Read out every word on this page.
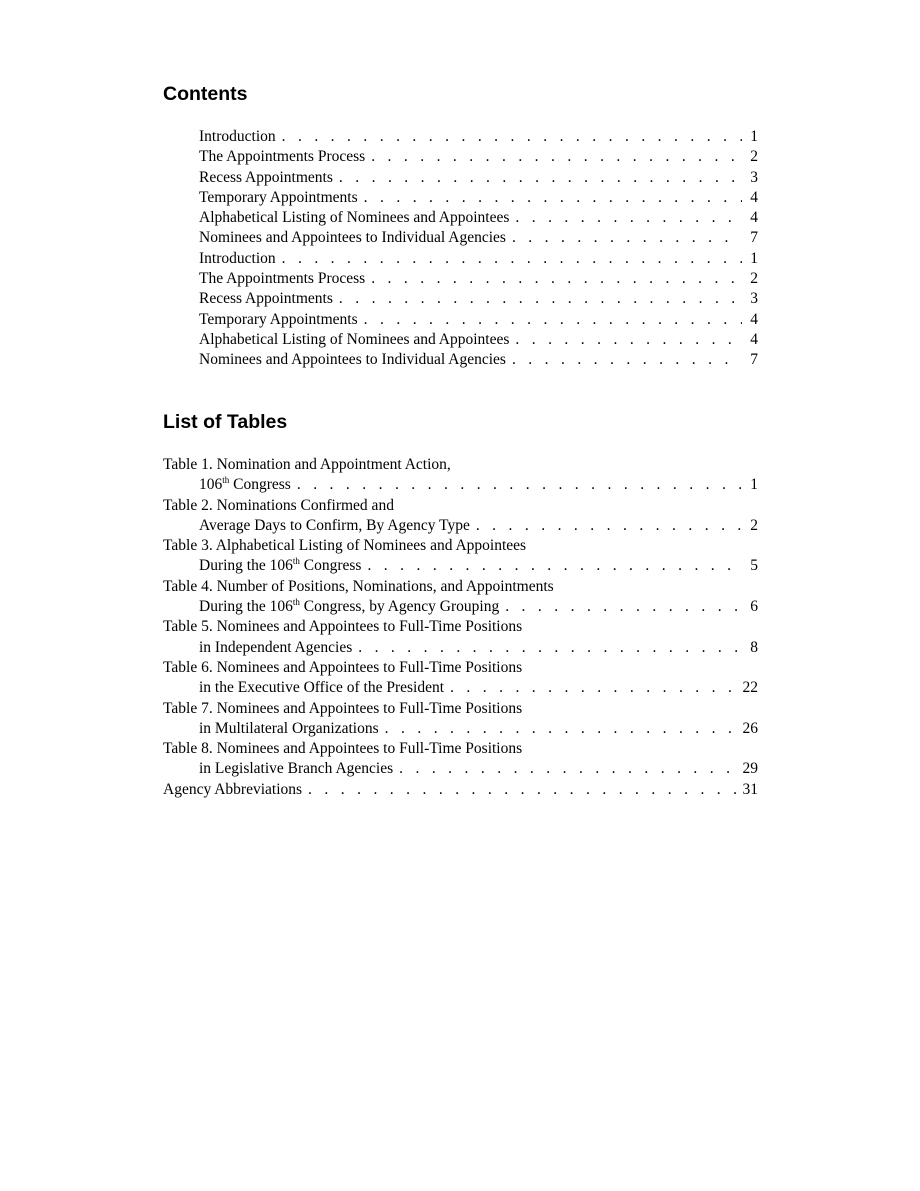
Contents
Introduction . . .	1
The Appointments Process . . .	2
Recess Appointments . . .	3
Temporary Appointments . . .	4
Alphabetical Listing of Nominees and Appointees . . .	4
Nominees and Appointees to Individual Agencies . . .	7
Introduction . . .	1
The Appointments Process . . .	2
Recess Appointments . . .	3
Temporary Appointments . . .	4
Alphabetical Listing of Nominees and Appointees . . .	4
Nominees and Appointees to Individual Agencies . . .	7
List of Tables
Table 1. Nomination and Appointment Action,
106th Congress . . .	1
Table 2. Nominations Confirmed and
Average Days to Confirm, By Agency Type . . .	2
Table 3. Alphabetical Listing of Nominees and Appointees
During the 106th Congress . . .	5
Table 4. Number of Positions, Nominations, and Appointments
During the 106th Congress, by Agency Grouping . . .	6
Table 5. Nominees and Appointees to Full-Time Positions
in Independent Agencies . . .	8
Table 6. Nominees and Appointees to Full-Time Positions
in the Executive Office of the President . . .	22
Table 7. Nominees and Appointees to Full-Time Positions
in Multilateral Organizations . . .	26
Table 8. Nominees and Appointees to Full-Time Positions
in Legislative Branch Agencies . . .	29
Agency Abbreviations . . .	31
